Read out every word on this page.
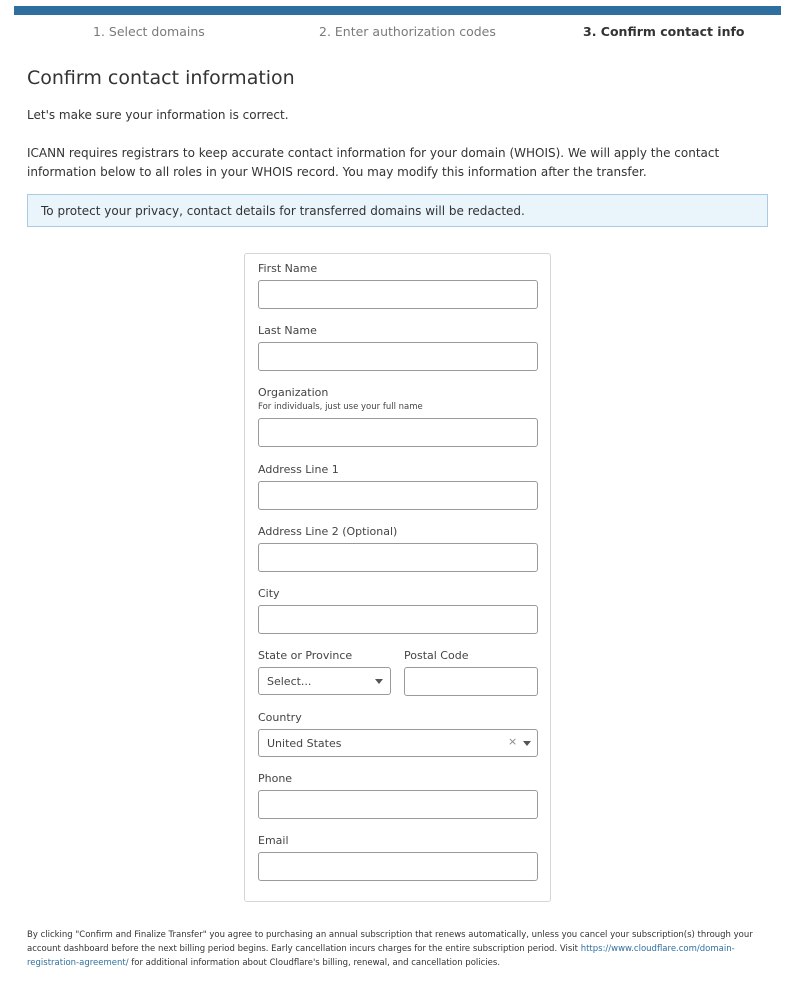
1. Select domains	2. Enter authorization codes	3. Confirm contact info
Confirm contact information

Let's make sure your information is correct.

ICANN requires registrars to keep accurate contact information for your domain (WHOIS). We will apply the contact information below to all roles in your WHOIS record. You may modify this information after the transfer.

To protect your privacy, contact details for transferred domains will be redacted.
First Name
Last Name
Organization
For individuals, just use your full name
Address Line 1
Address Line 2 (Optional)
City
State or Province	Postal Code
Select...
Country
United States	×
Phone
Email
By clicking "Confirm and Finalize Transfer" you agree to purchasing an annual subscription that renews automatically, unless you cancel your subscription(s) through your account dashboard before the next billing period begins. Early cancellation incurs charges for the entire subscription period. Visit https://www.cloudflare.com/domain-registration-agreement/ for additional information about Cloudflare's billing, renewal, and cancellation policies.
